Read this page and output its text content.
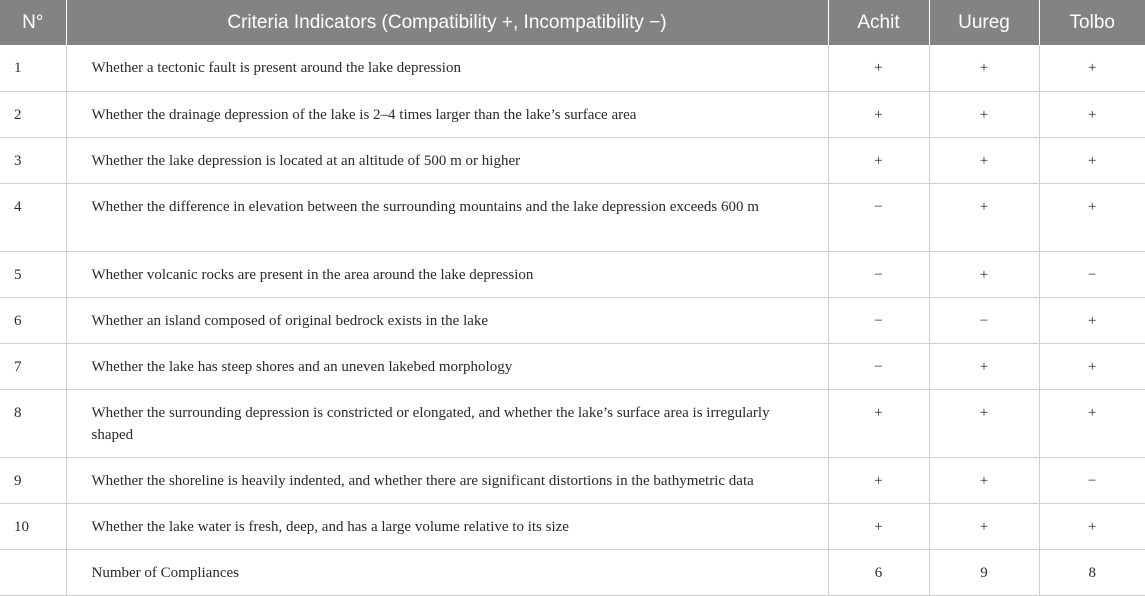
N°	Criteria Indicators (Compatibility +, Incompatibility −)	Achit	Uureg	Tolbo
1	Whether a tectonic fault is present around the lake depression	+	+	+
2	Whether the drainage depression of the lake is 2–4 times larger than the lake’s surface area	+	+	+
3	Whether the lake depression is located at an altitude of 500 m or higher	+	+	+
4	Whether the difference in elevation between the surrounding mountains and the lake depression exceeds 600 m	−	+	+
5	Whether volcanic rocks are present in the area around the lake depression	−	+	−
6	Whether an island composed of original bedrock exists in the lake	−	−	+
7	Whether the lake has steep shores and an uneven lakebed morphology	−	+	+
8	Whether the surrounding depression is constricted or elongated, and whether the lake’s surface area is irregularly shaped	+	+	+
9	Whether the shoreline is heavily indented, and whether there are significant distortions in the bathymetric data	+	+	−
10	Whether the lake water is fresh, deep, and has a large volume relative to its size	+	+	+
	Number of Compliances	6	9	8
